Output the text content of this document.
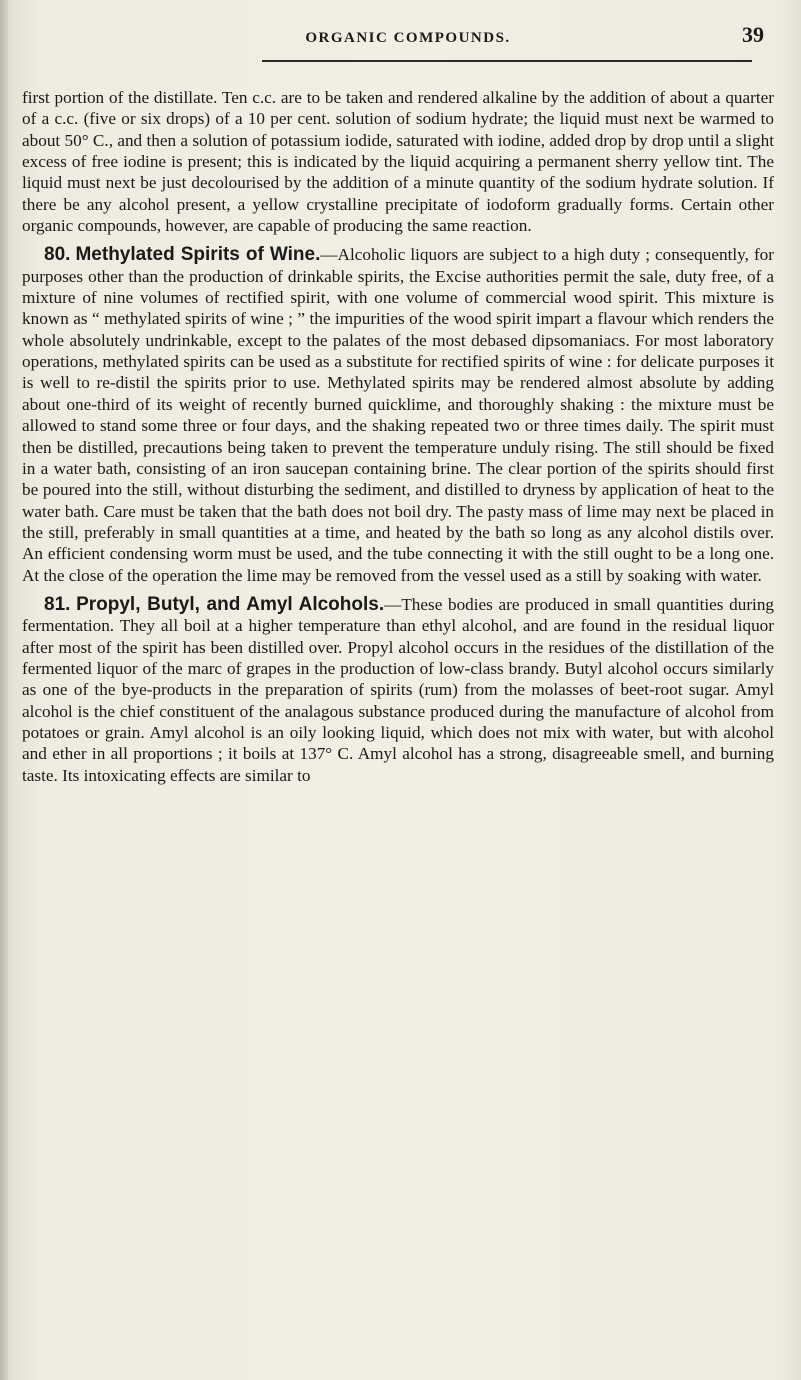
ORGANIC COMPOUNDS.	39

first portion of the distillate. Ten c.c. are to be taken and rendered alkaline by the addition of about a quarter of a c.c. (five or six drops) of a 10 per cent. solution of sodium hydrate; the liquid must next be warmed to about 50° C., and then a solution of potassium iodide, saturated with iodine, added drop by drop until a slight excess of free iodine is present; this is indicated by the liquid acquiring a permanent sherry yellow tint. The liquid must next be just decolourised by the addition of a minute quantity of the sodium hydrate solution. If there be any alcohol present, a yellow crystalline precipitate of iodoform gradually forms. Certain other organic compounds, however, are capable of producing the same reaction.

80. Methylated Spirits of Wine.—Alcoholic liquors are subject to a high duty ; consequently, for purposes other than the production of drinkable spirits, the Excise authorities permit the sale, duty free, of a mixture of nine volumes of rectified spirit, with one volume of commercial wood spirit. This mixture is known as “ methylated spirits of wine ; ” the impurities of the wood spirit impart a flavour which renders the whole absolutely undrinkable, except to the palates of the most debased dipsomaniacs. For most laboratory operations, methylated spirits can be used as a substitute for rectified spirits of wine : for delicate purposes it is well to re-distil the spirits prior to use. Methylated spirits may be rendered almost absolute by adding about one-third of its weight of recently burned quicklime, and thoroughly shaking : the mixture must be allowed to stand some three or four days, and the shaking repeated two or three times daily. The spirit must then be distilled, precautions being taken to prevent the temperature unduly rising. The still should be fixed in a water bath, consisting of an iron saucepan containing brine. The clear portion of the spirits should first be poured into the still, without disturbing the sediment, and distilled to dryness by application of heat to the water bath. Care must be taken that the bath does not boil dry. The pasty mass of lime may next be placed in the still, preferably in small quantities at a time, and heated by the bath so long as any alcohol distils over. An efficient condensing worm must be used, and the tube connecting it with the still ought to be a long one. At the close of the operation the lime may be removed from the vessel used as a still by soaking with water.

81. Propyl, Butyl, and Amyl Alcohols.—These bodies are produced in small quantities during fermentation. They all boil at a higher temperature than ethyl alcohol, and are found in the residual liquor after most of the spirit has been distilled over. Propyl alcohol occurs in the residues of the distillation of the fermented liquor of the marc of grapes in the production of low-class brandy. Butyl alcohol occurs similarly as one of the bye-products in the preparation of spirits (rum) from the molasses of beet-root sugar. Amyl alcohol is the chief constituent of the analagous substance produced during the manufacture of alcohol from potatoes or grain. Amyl alcohol is an oily looking liquid, which does not mix with water, but with alcohol and ether in all proportions ; it boils at 137° C. Amyl alcohol has a strong, disagreeable smell, and burning taste. Its intoxicating effects are similar to
